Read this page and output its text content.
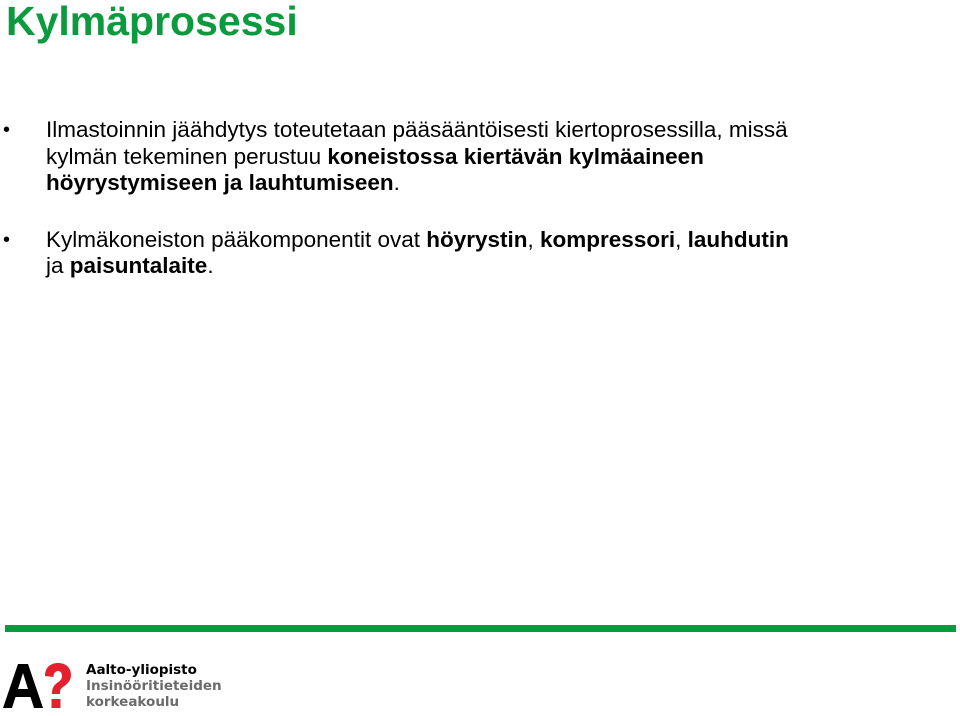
Kylmäprosessi
• Ilmastoinnin jäähdytys toteutetaan pääsääntöisesti kiertoprosessilla, missä
kylmän tekeminen perustuu koneistossa kiertävän kylmäaineen
höyrystymiseen ja lauhtumiseen.
• Kylmäkoneiston pääkomponentit ovat höyrystin, kompressori, lauhdutin
ja paisuntalaite.
Aalto-yliopisto
Insinööritieteiden
korkeakoulu
